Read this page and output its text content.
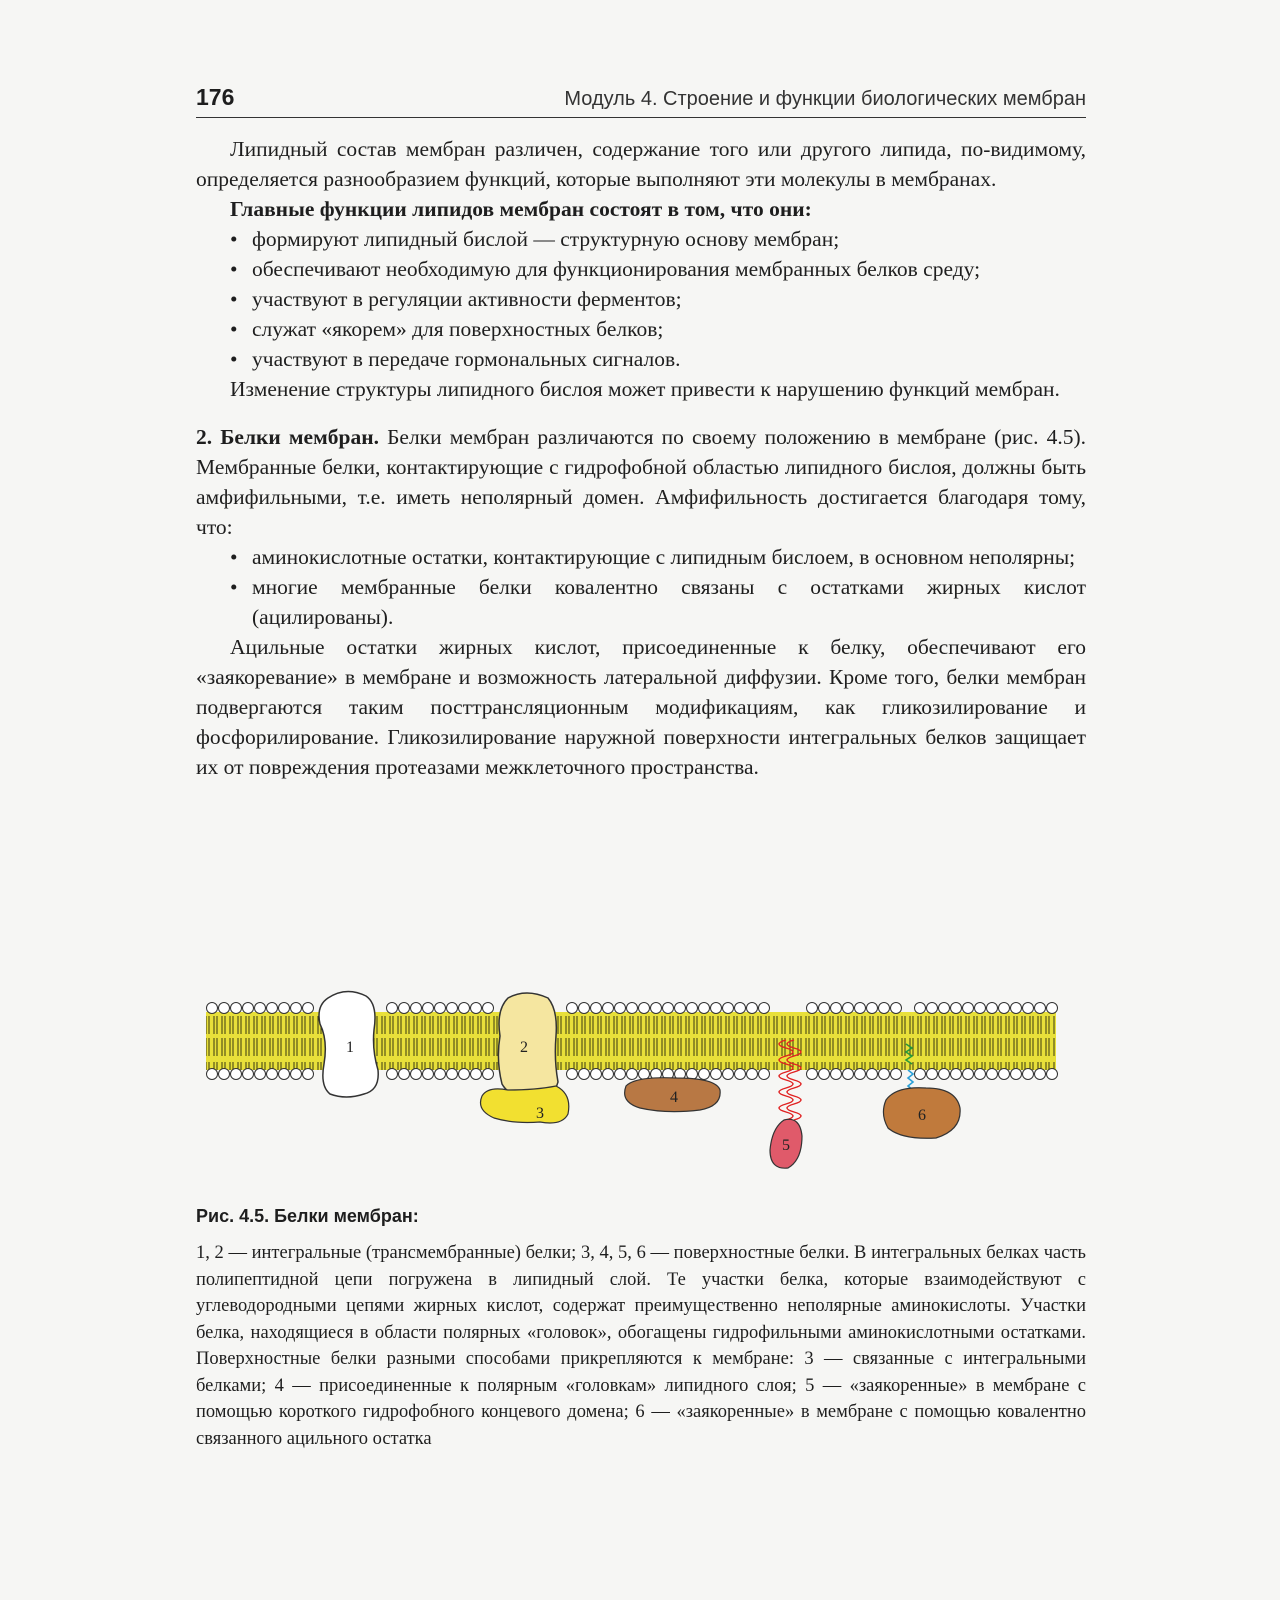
176	Модуль 4. Строение и функции биологических мембран

Липидный состав мембран различен, содержание того или другого липида, по-видимому, определяется разнообразием функций, которые выполняют эти молекулы в мембранах.

Главные функции липидов мембран состоят в том, что они:

• формируют липидный бислой — структурную основу мембран;
• обеспечивают необходимую для функционирования мембранных белков среду;
• участвуют в регуляции активности ферментов;
• служат «якорем» для поверхностных белков;
• участвуют в передаче гормональных сигналов.

Изменение структуры липидного бислоя может привести к нарушению функций мембран.

2. Белки мембран. Белки мембран различаются по своему положению в мембране (рис. 4.5). Мембранные белки, контактирующие с гидрофобной областью липидного бислоя, должны быть амфифильными, т.е. иметь неполярный домен. Амфифильность достигается благодаря тому, что:

• аминокислотные остатки, контактирующие с липидным бислоем, в основном неполярны;
• многие мембранные белки ковалентно связаны с остатками жирных кислот (ацилированы).

Ацильные остатки жирных кислот, присоединенные к белку, обеспечивают его «заякоревание» в мембране и возможность латеральной диффузии. Кроме того, белки мембран подвергаются таким посттрансляционным модификациям, как гликозилирование и фосфорилирование. Гликозилирование наружной поверхности интегральных белков защищает их от повреждения протеазами межклеточного пространства.

1	2
3
4
5
6
Рис. 4.5. Белки мембран:
1, 2 — интегральные (трансмембранные) белки; 3, 4, 5, 6 — поверхностные белки. В интегральных белках часть полипептидной цепи погружена в липидный слой. Те участки белка, которые взаимодействуют с углеводородными цепями жирных кислот, содержат преимущественно неполярные аминокислоты. Участки белка, находящиеся в области полярных «головок», обогащены гидрофильными аминокислотными остатками. Поверхностные белки разными способами прикрепляются к мембране: 3 — связанные с интегральными белками; 4 — присоединенные к полярным «головкам» липидного слоя; 5 — «заякоренные» в мембране с помощью короткого гидрофобного концевого домена; 6 — «заякоренные» в мембране с помощью ковалентно связанного ацильного остатка
